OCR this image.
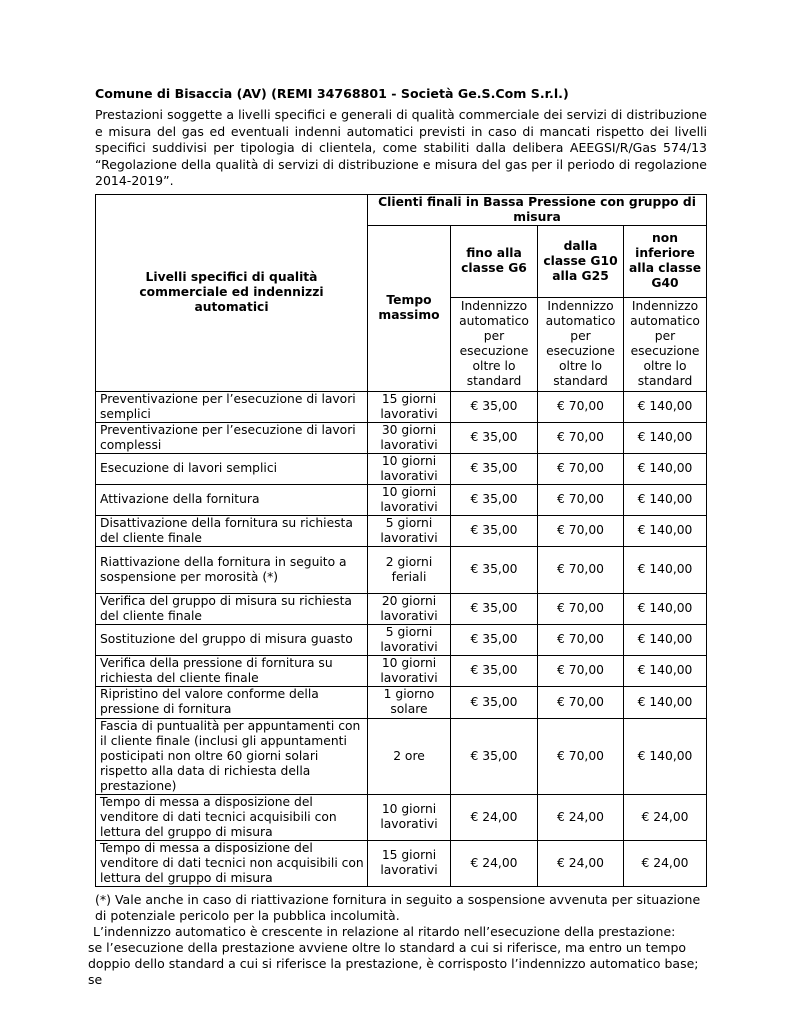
Comune di Bisaccia (AV) (REMI 34768801 - Società Ge.S.Com S.r.l.)
Prestazioni soggette a livelli specifici e generali di qualità commerciale dei servizi di distribuzione e misura del gas ed eventuali indenni automatici previsti in caso di mancati rispetto dei livelli specifici suddivisi per tipologia di clientela, come stabiliti dalla delibera AEEGSI/R/Gas 574/13 “Regolazione della qualità di servizi di distribuzione e misura del gas per il periodo di regolazione 2014-2019”.
Livelli specifici di qualità commerciale ed indennizzi automatici	Clienti finali in Bassa Pressione con gruppo di misura			
	Tempo massimo	fino alla classe G6	dalla classe G10 alla G25	non inferiore alla classe G40
		Indennizzo automatico per esecuzione oltre lo standard	Indennizzo automatico per esecuzione oltre lo standard	Indennizzo automatico per esecuzione oltre lo standard
Preventivazione per l’esecuzione di lavori semplici	15 giorni lavorativi	€ 35,00	€ 70,00	€ 140,00
Preventivazione per l’esecuzione di lavori complessi	30 giorni lavorativi	€ 35,00	€ 70,00	€ 140,00
Esecuzione di lavori semplici	10 giorni lavorativi	€ 35,00	€ 70,00	€ 140,00
Attivazione della fornitura	10 giorni lavorativi	€ 35,00	€ 70,00	€ 140,00
Disattivazione della fornitura su richiesta del cliente finale	5 giorni lavorativi	€ 35,00	€ 70,00	€ 140,00
Riattivazione della fornitura in seguito a sospensione per morosità (*)	2 giorni feriali	€ 35,00	€ 70,00	€ 140,00
Verifica del gruppo di misura su richiesta del cliente finale	20 giorni lavorativi	€ 35,00	€ 70,00	€ 140,00
Sostituzione del gruppo di misura guasto	5 giorni lavorativi	€ 35,00	€ 70,00	€ 140,00
Verifica della pressione di fornitura su richiesta del cliente finale	10 giorni lavorativi	€ 35,00	€ 70,00	€ 140,00
Ripristino del valore conforme della pressione di fornitura	1 giorno solare	€ 35,00	€ 70,00	€ 140,00
Fascia di puntualità per appuntamenti con il cliente finale (inclusi gli appuntamenti posticipati non oltre 60 giorni solari rispetto alla data di richiesta della prestazione)	2 ore	€ 35,00	€ 70,00	€ 140,00
Tempo di messa a disposizione del venditore di dati tecnici acquisibili con lettura del gruppo di misura	10 giorni lavorativi	€ 24,00	€ 24,00	€ 24,00
Tempo di messa a disposizione del venditore di dati tecnici non acquisibili con lettura del gruppo di misura	15 giorni lavorativi	€ 24,00	€ 24,00	€ 24,00
(*) Vale anche in caso di riattivazione fornitura in seguito a sospensione avvenuta per situazione di potenziale pericolo per la pubblica incolumità.
L’indennizzo automatico è crescente in relazione al ritardo nell’esecuzione della prestazione:
se l’esecuzione della prestazione avviene oltre lo standard a cui si riferisce, ma entro un tempo doppio dello standard a cui si riferisce la prestazione, è corrisposto l’indennizzo automatico base; se
